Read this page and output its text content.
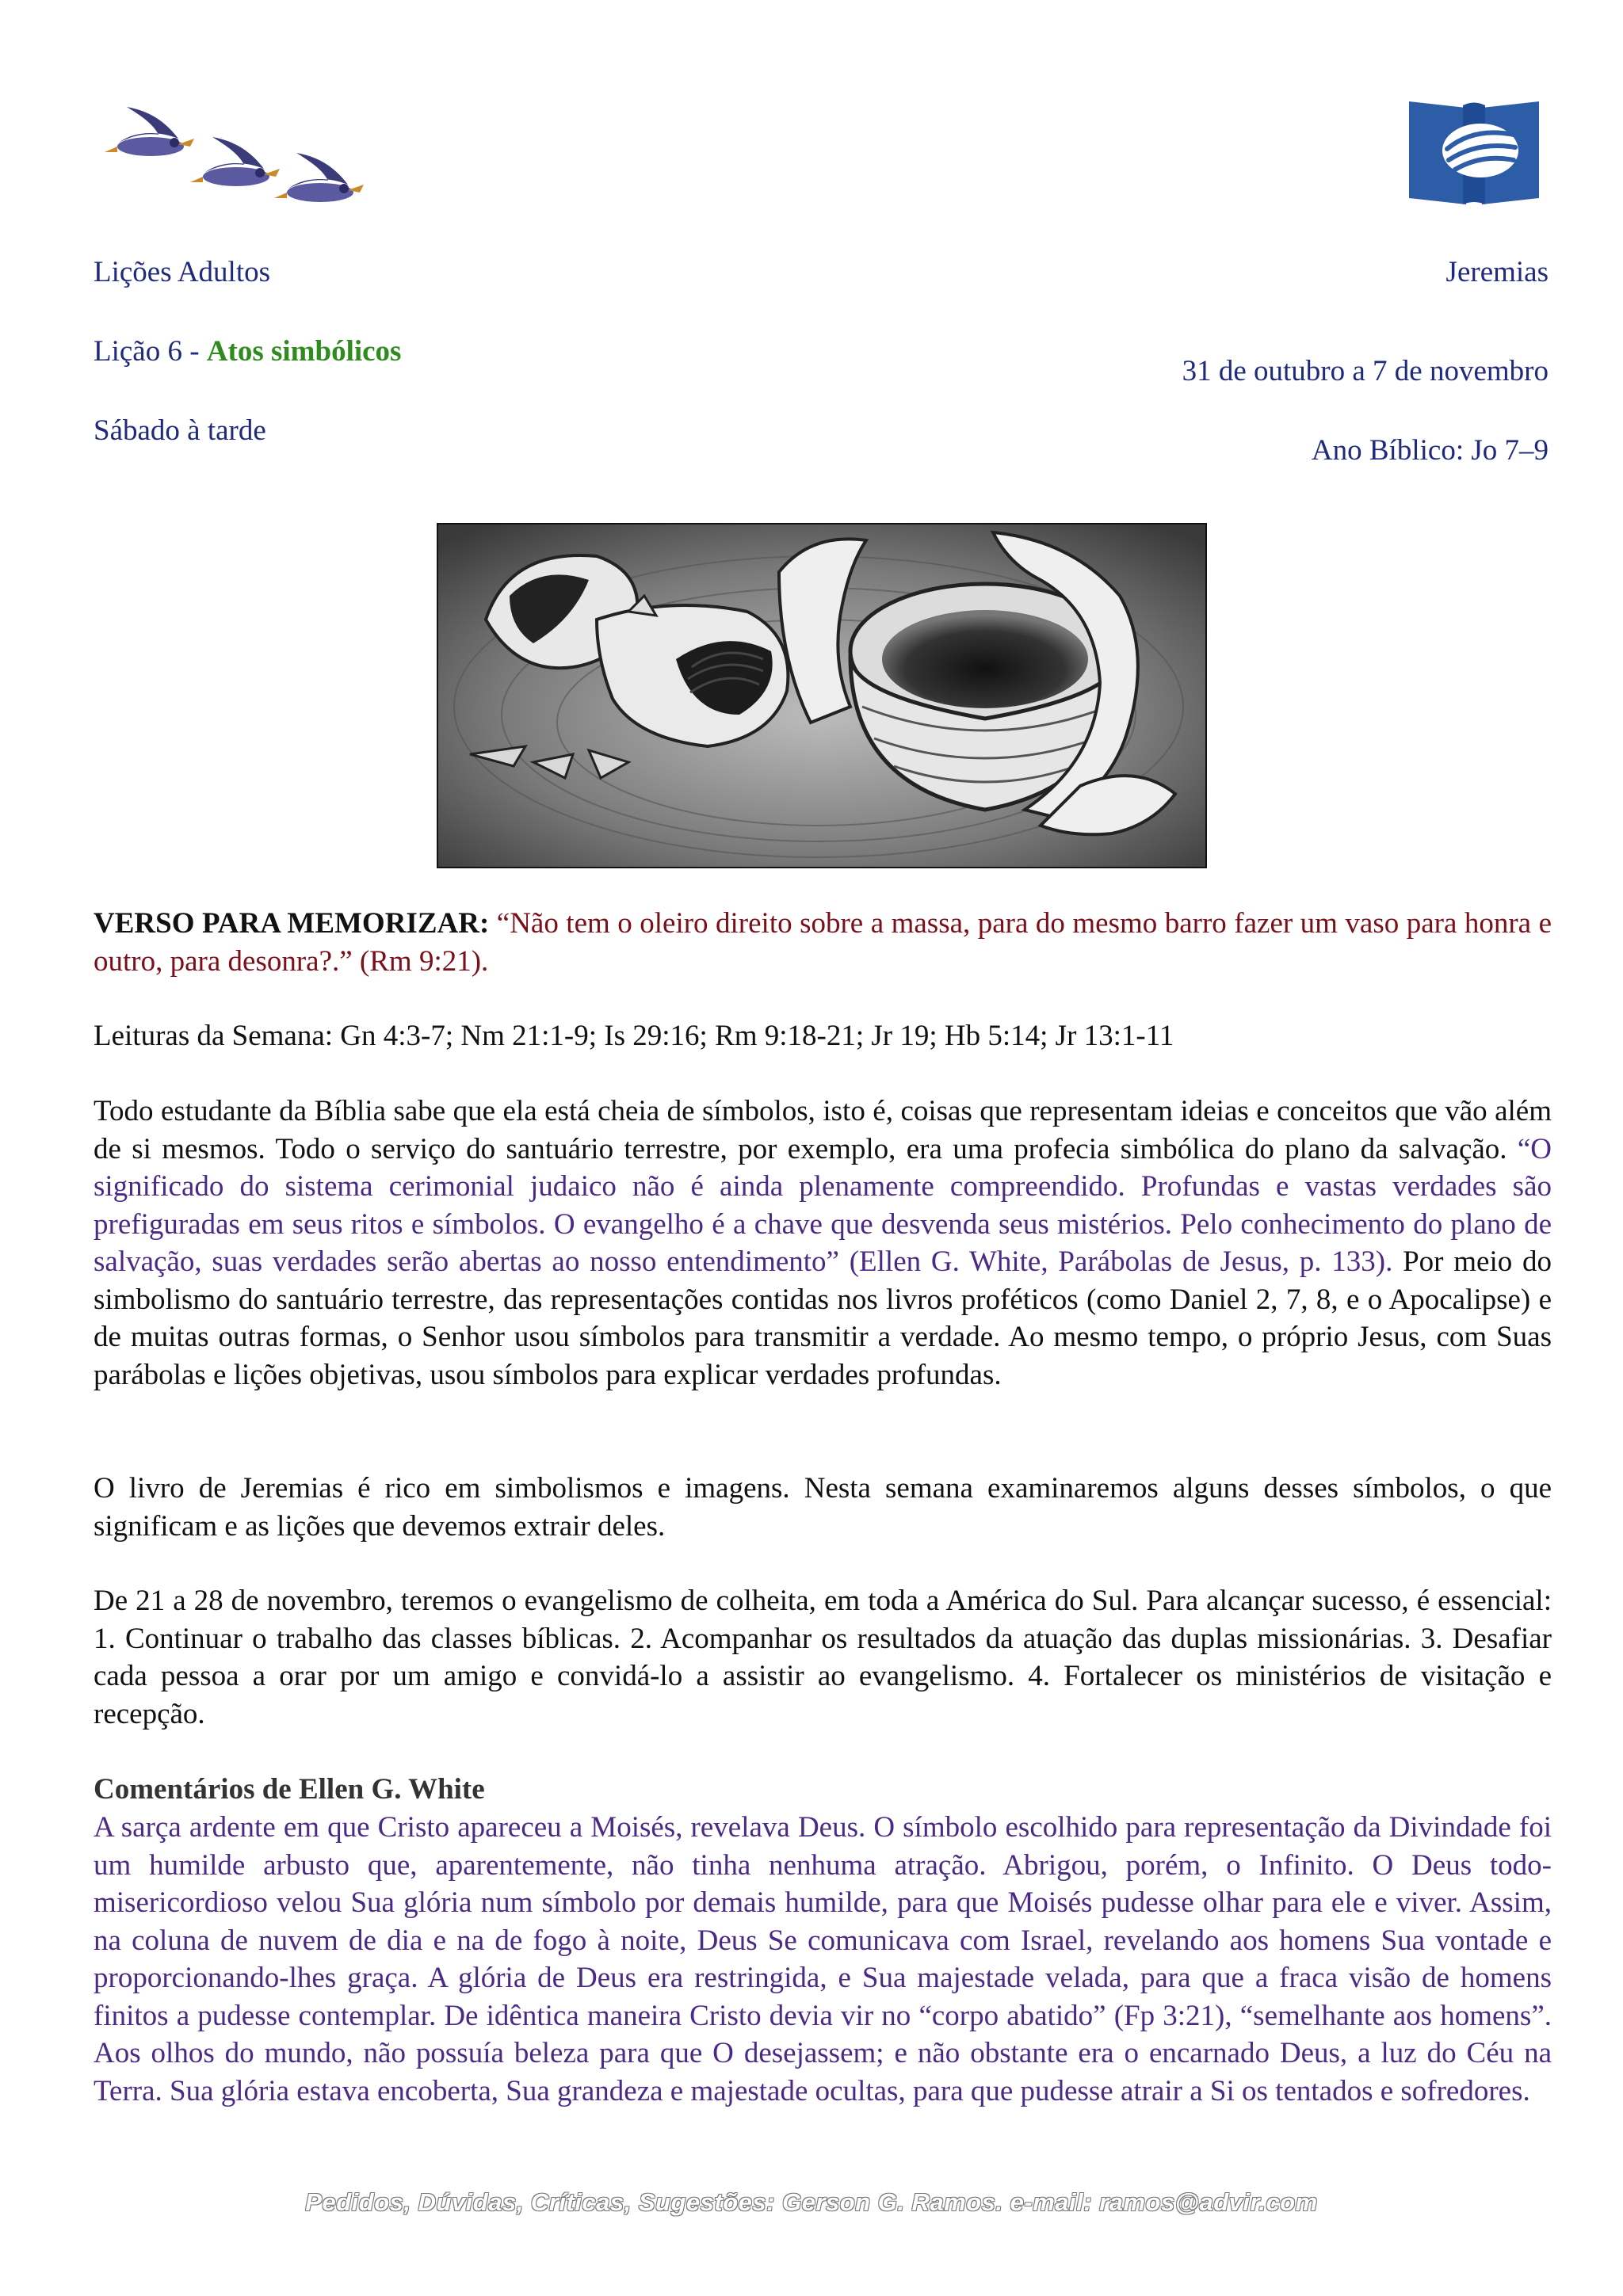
Lições Adultos
Lição 6 - Atos simbólicos
Sábado à tarde
Jeremias
31 de outubro a 7 de novembro
Ano Bíblico: Jo 7–9
VERSO PARA MEMORIZAR: “Não tem o oleiro direito sobre a massa, para do mesmo barro fazer um vaso para honra e outro, para desonra?.” (Rm 9:21).
Leituras da Semana: Gn 4:3-7; Nm 21:1-9; Is 29:16; Rm 9:18-21; Jr 19; Hb 5:14; Jr 13:1-11
Todo estudante da Bíblia sabe que ela está cheia de símbolos, isto é, coisas que representam ideias e conceitos que vão além de si mesmos. Todo o serviço do santuário terrestre, por exemplo, era uma profecia simbólica do plano da salvação. “O significado do sistema cerimonial judaico não é ainda plenamente compreendido. Profundas e vastas verdades são prefiguradas em seus ritos e símbolos. O evangelho é a chave que desvenda seus mistérios. Pelo conhecimento do plano de salvação, suas verdades serão abertas ao nosso entendimento” (Ellen G. White, Parábolas de Jesus, p. 133). Por meio do simbolismo do santuário terrestre, das representações contidas nos livros proféticos (como Daniel 2, 7, 8, e o Apocalipse) e de muitas outras formas, o Senhor usou símbolos para transmitir a verdade. Ao mesmo tempo, o próprio Jesus, com Suas parábolas e lições objetivas, usou símbolos para explicar verdades profundas.
O livro de Jeremias é rico em simbolismos e imagens. Nesta semana examinaremos alguns desses símbolos, o que significam e as lições que devemos extrair deles.
De 21 a 28 de novembro, teremos o evangelismo de colheita, em toda a América do Sul. Para alcançar sucesso, é essencial: 1. Continuar o trabalho das classes bíblicas. 2. Acompanhar os resultados da atuação das duplas missionárias. 3. Desafiar cada pessoa a orar por um amigo e convidá-lo a assistir ao evangelismo. 4. Fortalecer os ministérios de visitação e recepção.
Comentários de Ellen G. White
A sarça ardente em que Cristo apareceu a Moisés, revelava Deus. O símbolo escolhido para representação da Divindade foi um humilde arbusto que, aparentemente, não tinha nenhuma atração. Abrigou, porém, o Infinito. O Deus todo-misericordioso velou Sua glória num símbolo por demais humilde, para que Moisés pudesse olhar para ele e viver. Assim, na coluna de nuvem de dia e na de fogo à noite, Deus Se comunicava com Israel, revelando aos homens Sua vontade e proporcionando-lhes graça. A glória de Deus era restringida, e Sua majestade velada, para que a fraca visão de homens finitos a pudesse contemplar. De idêntica maneira Cristo devia vir no “corpo abatido” (Fp 3:21), “semelhante aos homens”. Aos olhos do mundo, não possuía beleza para que O desejassem; e não obstante era o encarnado Deus, a luz do Céu na Terra. Sua glória estava encoberta, Sua grandeza e majestade ocultas, para que pudesse atrair a Si os tentados e sofredores.
Pedidos, Dúvidas, Críticas, Sugestões: Gerson G. Ramos. e-mail: ramos@advir.com
